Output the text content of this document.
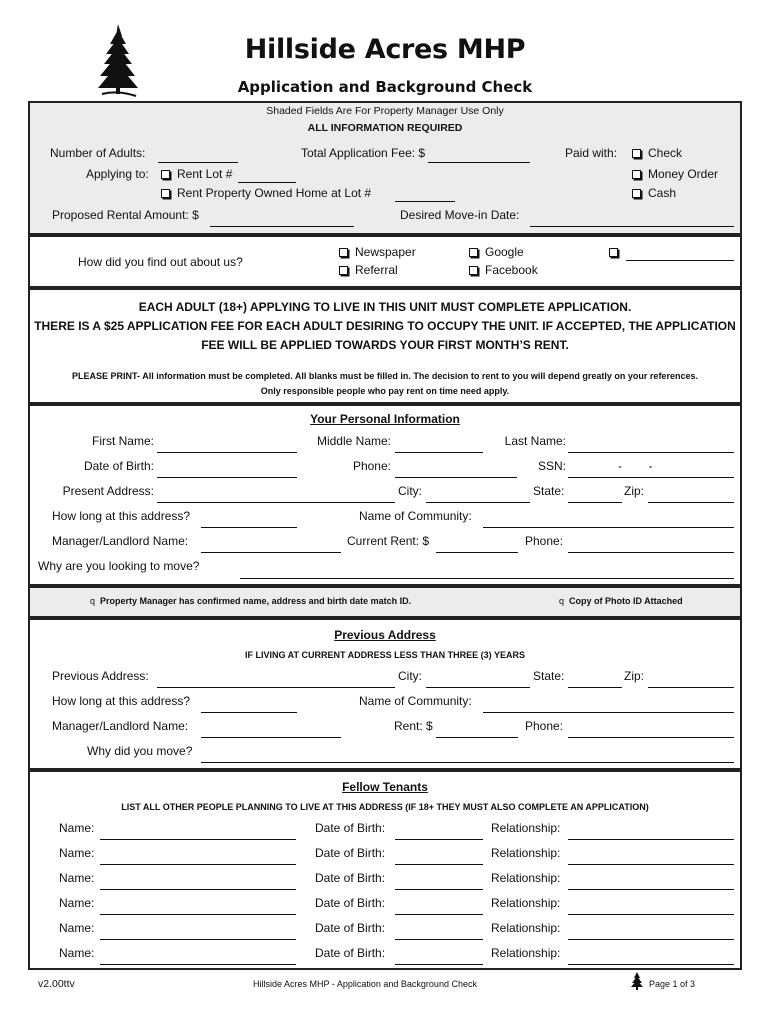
Hillside Acres MHP
Application and Background Check
Shaded Fields Are For Property Manager Use Only
ALL INFORMATION REQUIRED
Number of Adults:	Total Application Fee: $	Paid with:	Check
Money Order
Cash
Applying to:	Rent Lot #
Rent Property Owned Home at Lot #
Proposed Rental Amount: $	Desired Move-in Date:
How did you find out about us?
Newspaper
Referral
Google
Facebook
EACH ADULT (18+) APPLYING TO LIVE IN THIS UNIT MUST COMPLETE APPLICATION.
THERE IS A $25 APPLICATION FEE FOR EACH ADULT DESIRING TO OCCUPY THE UNIT. IF ACCEPTED, THE APPLICATION
FEE WILL BE APPLIED TOWARDS YOUR FIRST MONTH’S RENT.
PLEASE PRINT- All information must be completed. All blanks must be filled in. The decision to rent to you will depend greatly on your references.
Only responsible people who pay rent on time need apply.
Your Personal Information
First Name:	Middle Name:	Last Name:
Date of Birth:	Phone:	SSN:	-        -
Present Address:	City:	State:	Zip:
How long at this address?	Name of Community:
Manager/Landlord Name:	Current Rent: $	Phone:
Why are you looking to move?
q Property Manager has confirmed name, address and birth date match ID.	q Copy of Photo ID Attached
Previous Address
IF LIVING AT CURRENT ADDRESS LESS THAN THREE (3) YEARS
Previous Address:	City:	State:	Zip:
How long at this address?	Name of Community:
Manager/Landlord Name:	Rent: $	Phone:
Why did you move?
Fellow Tenants
LIST ALL OTHER PEOPLE PLANNING TO LIVE AT THIS ADDRESS (IF 18+ THEY MUST ALSO COMPLETE AN APPLICATION)
Name:	Date of Birth:	Relationship:
Name:	Date of Birth:	Relationship:
Name:	Date of Birth:	Relationship:
Name:	Date of Birth:	Relationship:
Name:	Date of Birth:	Relationship:
Name:	Date of Birth:	Relationship:
v2.00ttv	Hillside Acres MHP - Application and Background Check	Page 1 of 3
